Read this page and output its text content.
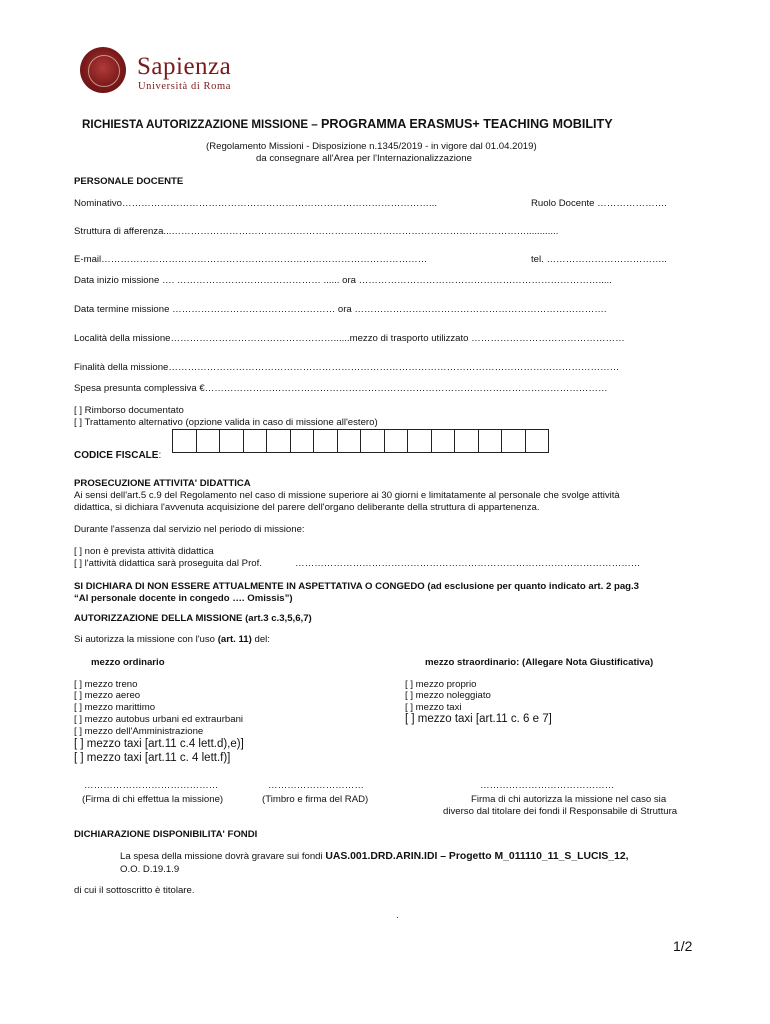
Sapienza
Università di Roma
RICHIESTA AUTORIZZAZIONE MISSIONE – PROGRAMMA ERASMUS+ TEACHING MOBILITY
(Regolamento Missioni - Disposizione n.1345/2019 - in vigore dal 01.04.2019)
da consegnare all'Area per l'Internazionalizzazione
PERSONALE DOCENTE
Nominativo……………………………………………………………………………………...	Ruolo Docente ………………….
Struttura di afferenza...…………………………………………………………………………………………………............
E-mail…………………………………………………………………………………………	tel. ………………………………..
Data inizio missione …. ……………………………………… ...... ora ………………………………………………………………….....
Data termine missione …………………………………………… ora …………………………………………………………………….
Località della missione……………………………………………......mezzo di trasporto utilizzato …………………………………………
Finalità della missione……………………………………………………………………………………………………………………………
Spesa presunta complessiva €………………………………………………………………………………………………………………
[ ] Rimborso documentato
[ ] Trattamento alternativo (opzione valida in caso di missione all'estero)
CODICE FISCALE:
PROSECUZIONE ATTIVITA' DIDATTICA
Ai sensi dell'art.5 c.9 del Regolamento nel caso di missione superiore ai 30 giorni e limitatamente al personale che svolge attività
didattica, si dichiara l'avvenuta acquisizione del parere dell'organo deliberante della struttura di appartenenza.
Durante l'assenza dal servizio nel periodo di missione:
[ ] non è prevista attività didattica
[ ] l'attività didattica sarà proseguita dal Prof.	………………………………………………………………………………………………
SI DICHIARA DI NON ESSERE ATTUALMENTE IN ASPETTATIVA O CONGEDO (ad esclusione per quanto indicato art. 2 pag.3
“Al personale docente in congedo …. Omissis”)
AUTORIZZAZIONE DELLA MISSIONE (art.3 c.3,5,6,7)
Si autorizza la missione con l'uso (art. 11) del:
mezzo ordinario	mezzo straordinario: (Allegare Nota Giustificativa)
[ ] mezzo treno
[ ] mezzo aereo
[ ] mezzo marittimo
[ ] mezzo autobus urbani ed extraurbani
[ ] mezzo dell'Amministrazione
[ ] mezzo taxi [art.11 c.4 lett.d),e)]
[ ] mezzo taxi [art.11 c. 4 lett.f)]
[ ] mezzo proprio
[ ] mezzo noleggiato
[ ] mezzo taxi
[ ] mezzo taxi [art.11 c. 6 e 7]
……………………………………
(Firma di chi effettua la missione)
…………………………
(Timbro e firma del RAD)
……………………………………
Firma di chi autorizza la missione nel caso sia
diverso dal titolare dei fondi il Responsabile di Struttura
DICHIARAZIONE DISPONIBILITA' FONDI
La spesa della missione dovrà gravare sui fondi UAS.001.DRD.ARIN.IDI – Progetto M_011110_11_S_LUCIS_12,
O.O. D.19.1.9
di cui il sottoscritto è titolare.
.
1/2
